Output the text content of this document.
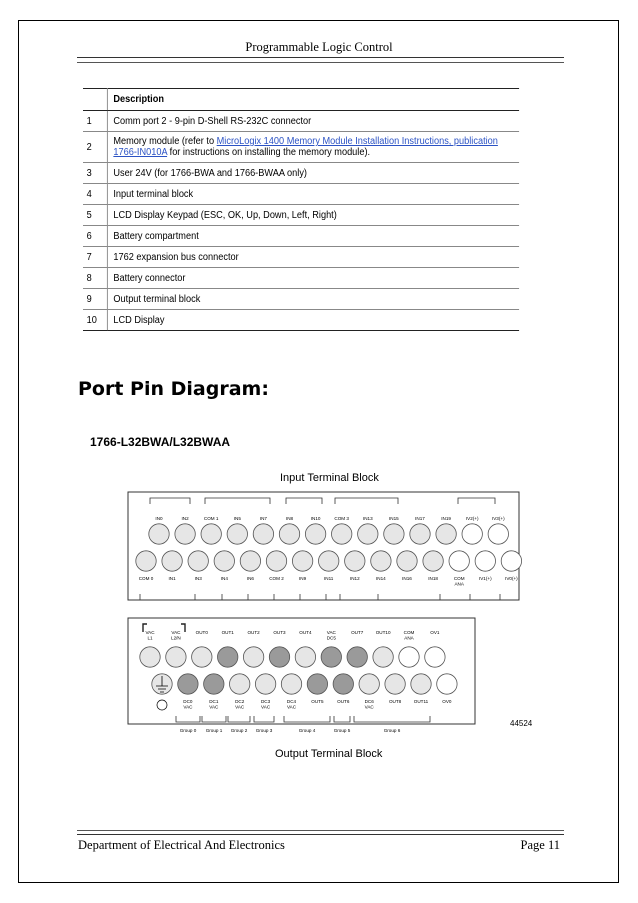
Programmable Logic Control
	Description
1	Comm port 2 - 9-pin D-Shell RS-232C connector
2	Memory module (refer to MicroLogix 1400 Memory Module Installation Instructions, publication 1766-IN010A for instructions on installing the memory module).
3	User 24V (for 1766-BWA and 1766-BWAA only)
4	Input terminal block
5	LCD Display Keypad (ESC, OK, Up, Down, Left, Right)
6	Battery compartment
7	1762 expansion bus connector
8	Battery connector
9	Output terminal block
10	LCD Display
Port Pin Diagram:
1766-L32BWA/L32BWAA
Input Terminal Block
Output Terminal Block
44524
IN0	IN2	COM 1	IN5	IN7	IN8	IN10	COM 3	IN13	IN15	IN17	IN19	IV2(+)	IV3(+)
COM 0	IN1	IN3	IN4	IN6	COM 2	IN9	IN11	IN12	IN14	IN16	IN18	COM ANA
IV1(+)	IV0(+)
VAC L1
VAC L2/N
OUT0	OUT1	OUT2	OUT3	OUT4	VAC DC5
OUT7	OUT10	COM ANA
OV1
DC0 VAC
DC1 VAC
DC2 VAC
DC3 VAC
DC4 VAC
OUT5	OUT6	DC6 VAC
OUT8	OUT11	OV0
Group 0 Group 1 Group 2 Group 3	Group 4	Group 5	Group 6
Department of Electrical And Electronics	Page 11
